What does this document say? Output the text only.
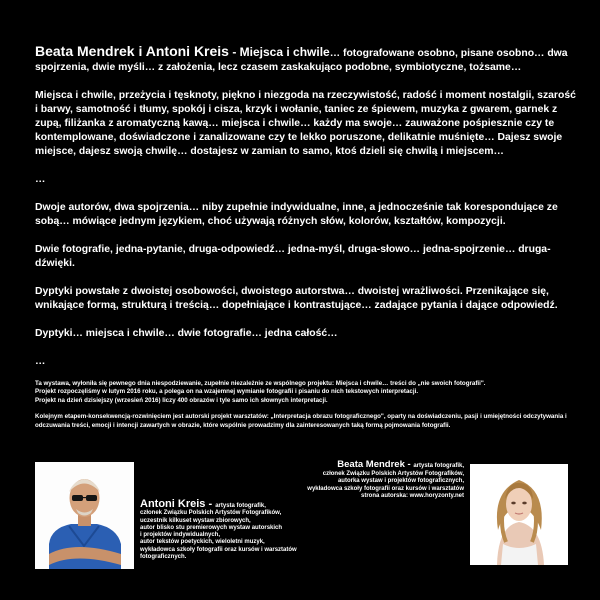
Beata Mendrek i Antoni Kreis - Miejsca i chwile… fotografowane osobno, pisane osobno… dwa spojrzenia, dwie myśli… z założenia, lecz czasem zaskakująco podobne, symbiotyczne, tożsame…

Miejsca i chwile, przeżycia i tęsknoty, piękno i niezgoda na rzeczywistość, radość i moment nostalgii, szarość i barwy, samotność i tłumy, spokój i cisza, krzyk i wołanie, taniec ze śpiewem, muzyka z gwarem, garnek z zupą, filiżanka z aromatyczną kawą… miejsca i chwile… każdy ma swoje… zauważone pośpiesznie czy te kontemplowane, doświadczone i zanalizowane czy te lekko poruszone, delikatnie muśnięte… Dajesz swoje miejsce, dajesz swoją chwilę… dostajesz w zamian to samo, ktoś dzieli się chwilą i miejscem…

…

Dwoje autorów, dwa spojrzenia… niby zupełnie indywidualne, inne, a jednocześnie tak korespondujące ze sobą… mówiące jednym językiem, choć używają różnych słów, kolorów, kształtów, kompozycji.

Dwie fotografie, jedna-pytanie, druga-odpowiedź… jedna-myśl, druga-słowo… jedna-spojrzenie… druga-dźwięki.

Dyptyki powstałe z dwoistej osobowości, dwoistego autorstwa… dwoistej wrażliwości. Przenikające się, wnikające formą, strukturą i treścią… dopełniające i kontrastujące… zadające pytania i dające odpowiedź.

Dyptyki… miejsca i chwile… dwie fotografie… jedna całość…

…

Ta wystawa, wyłoniła się pewnego dnia niespodziewanie, zupełnie niezależnie ze wspólnego projektu: Miejsca i chwile… treści do „nie swoich fotografii".
Projekt rozpoczęliśmy w lutym 2016 roku, a polega on na wzajemnej wymianie fotografii i pisaniu do nich tekstowych interpretacji.
Projekt na dzień dzisiejszy (wrzesień 2016) liczy 400 obrazów i tyle samo ich słownych interpretacji.
Kolejnym etapem-konsekwencją-rozwinięciem jest autorski projekt warsztatów: „Interpretacja obrazu fotograficznego", oparty na doświadczeniu, pasji i umiejętności odczytywania i odczuwania treści, emocji i intencji zawartych w obrazie, które wspólnie prowadzimy dla zainteresowanych taką formą pojmowania fotografii.
Antoni Kreis - artysta fotografik,
członek Związku Polskich Artystów Fotografików,
uczestnik kilkuset wystaw zbiorowych,
autor blisko stu premierowych wystaw autorskich
i projektów indywidualnych,
autor tekstów poetyckich, wieloletni muzyk,
wykładowca szkoły fotografii oraz kursów i warsztatów
fotograficznych.
Beata Mendrek - artysta fotografik,
członek Związku Polskich Artystów Fotografików,
autorka wystaw i projektów fotograficznych,
wykładowca szkoły fotografii oraz kursów i warsztatów
strona autorska: www.horyzonty.net
